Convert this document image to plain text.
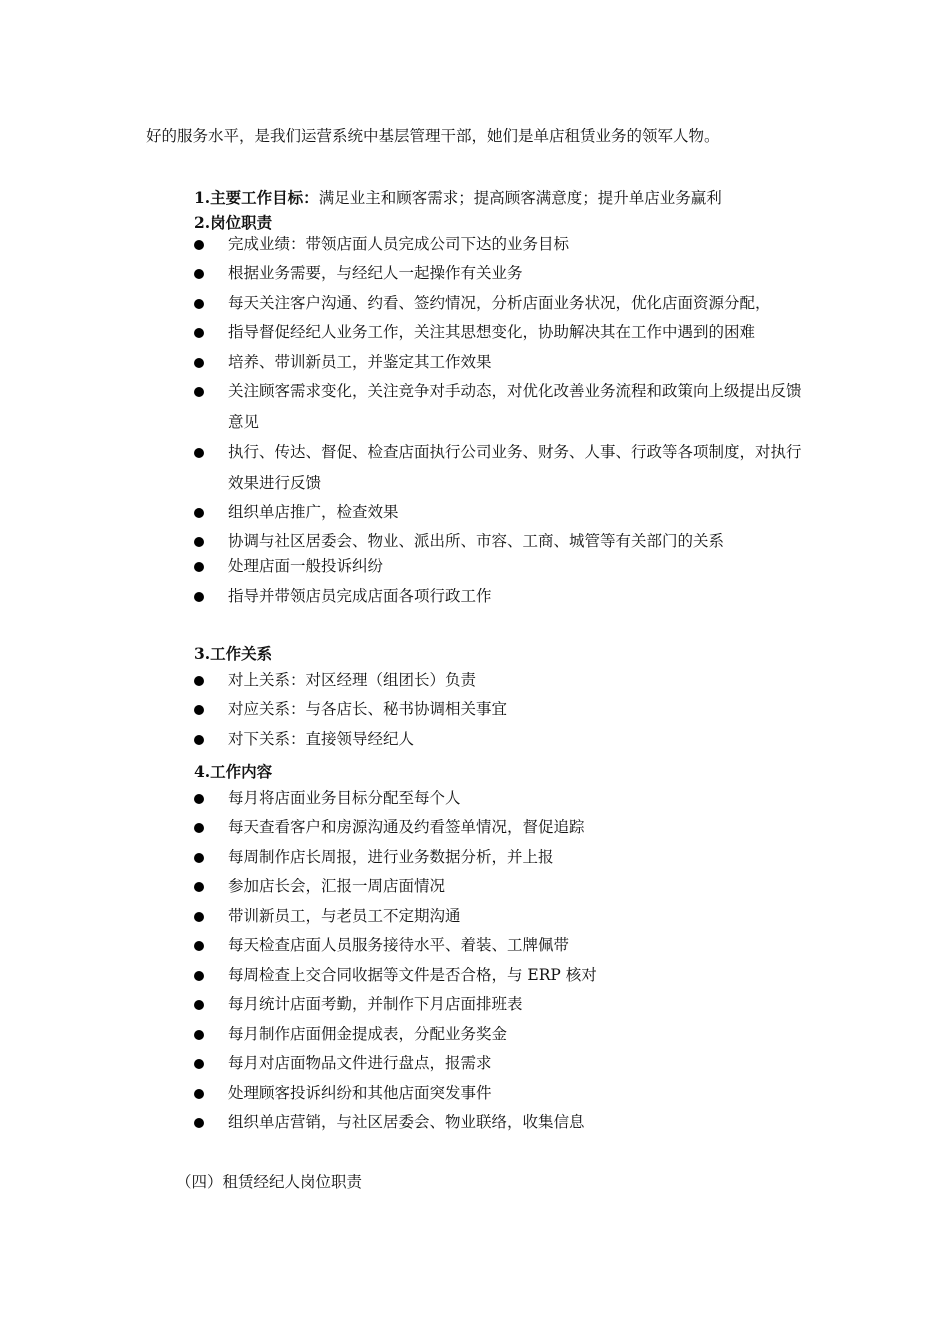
好的服务水平，是我们运营系统中基层管理干部，她们是单店租赁业务的领军人物。
1.主要工作目标：满足业主和顾客需求；提高顾客满意度；提升单店业务赢利
2.岗位职责
完成业绩：带领店面人员完成公司下达的业务目标
根据业务需要，与经纪人一起操作有关业务
每天关注客户沟通、约看、签约情况，分析店面业务状况，优化店面资源分配，
指导督促经纪人业务工作，关注其思想变化，协助解决其在工作中遇到的困难
培养、带训新员工，并鉴定其工作效果
关注顾客需求变化，关注竞争对手动态，对优化改善业务流程和政策向上级提出反馈意见
执行、传达、督促、检查店面执行公司业务、财务、人事、行政等各项制度，对执行效果进行反馈
组织单店推广，检查效果
协调与社区居委会、物业、派出所、市容、工商、城管等有关部门的关系
处理店面一般投诉纠纷
指导并带领店员完成店面各项行政工作
3.工作关系
对上关系：对区经理（组团长）负责
对应关系：与各店长、秘书协调相关事宜
对下关系：直接领导经纪人
4.工作内容
每月将店面业务目标分配至每个人
每天查看客户和房源沟通及约看签单情况，督促追踪
每周制作店长周报，进行业务数据分析，并上报
参加店长会，汇报一周店面情况
带训新员工，与老员工不定期沟通
每天检查店面人员服务接待水平、着装、工牌佩带
每周检查上交合同收据等文件是否合格，与 ERP 核对
每月统计店面考勤，并制作下月店面排班表
每月制作店面佣金提成表，分配业务奖金
每月对店面物品文件进行盘点，报需求
处理顾客投诉纠纷和其他店面突发事件
组织单店营销，与社区居委会、物业联络，收集信息
（四）租赁经纪人岗位职责
